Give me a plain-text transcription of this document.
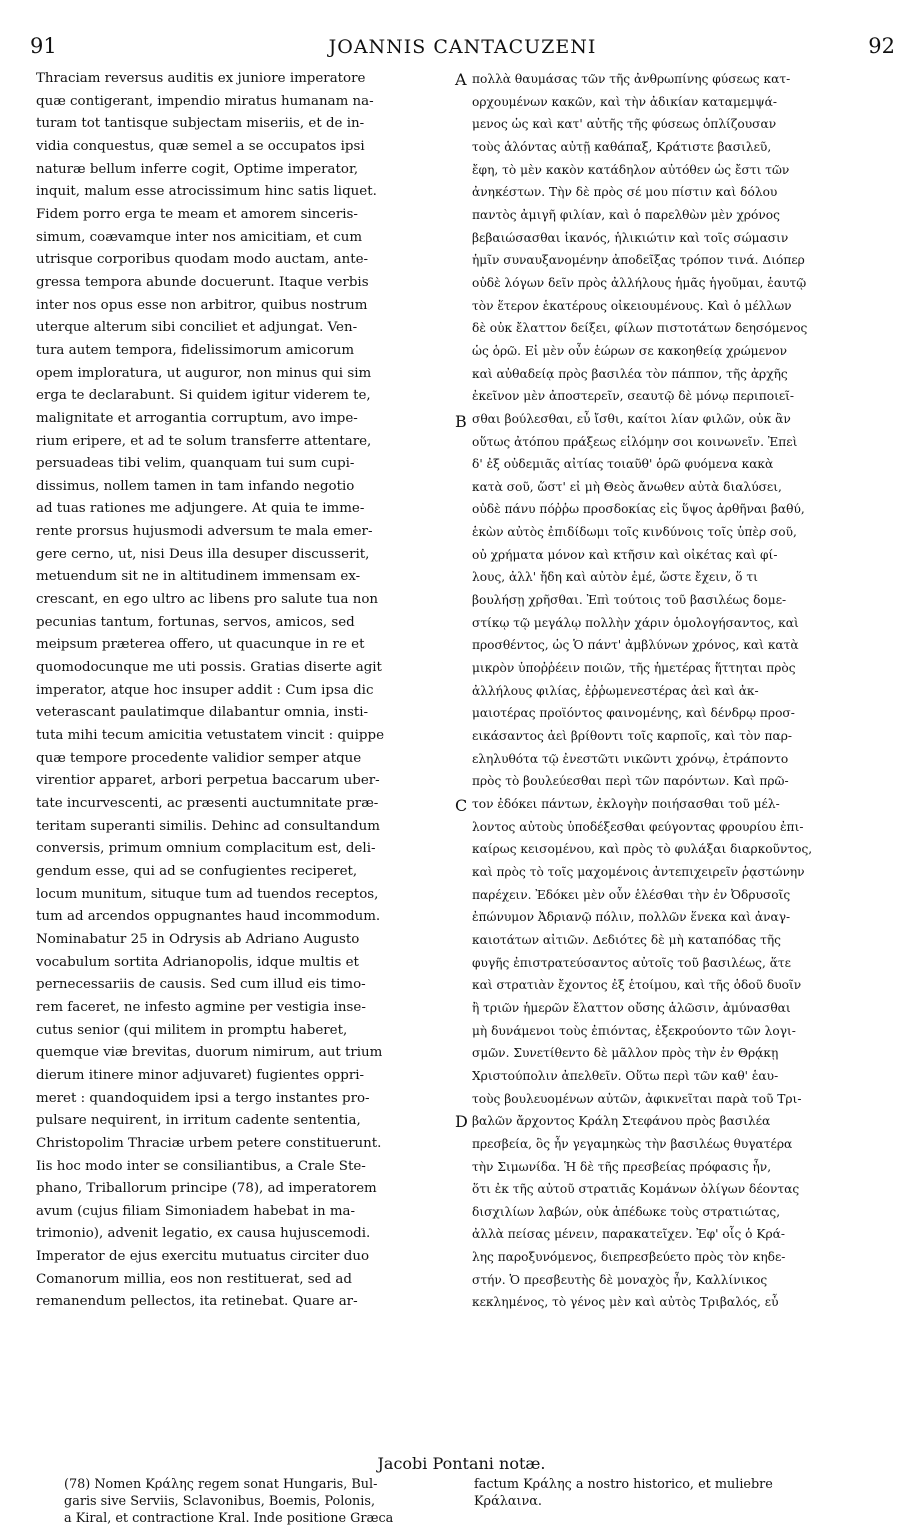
91	JOANNIS CANTACUZENI	92

Thraciam reversus auditis ex juniore imperatore

quæ contigerant, impendio miratus humanam na-

turam tot tantisque subjectam miseriis, et de in-

vidia conquestus, quæ semel a se occupatos ipsi

naturæ bellum inferre cogit, Optime imperator,

inquit, malum esse atrocissimum hinc satis liquet.

Fidem porro erga te meam et amorem sinceris-

simum, coævamque inter nos amicitiam, et cum

utrisque corporibus quodam modo auctam, ante-

gressa tempora abunde docuerunt. Itaque verbis

inter nos opus esse non arbitror, quibus nostrum

uterque alterum sibi conciliet et adjungat. Ven-

tura autem tempora, fidelissimorum amicorum

opem imploratura, ut auguror, non minus qui sim

erga te declarabunt. Si quidem igitur viderem te,

malignitate et arrogantia corruptum, avo impe-

rium eripere, et ad te solum transferre attentare,

persuadeas tibi velim, quanquam tui sum cupi-

dissimus, nollem tamen in tam infando negotio

ad tuas rationes me adjungere. At quia te imme-

rente prorsus hujusmodi adversum te mala emer-

gere cerno, ut, nisi Deus illa desuper discusserit,

metuendum sit ne in altitudinem immensam ex-

crescant, en ego ultro ac libens pro salute tua non

pecunias tantum, fortunas, servos, amicos, sed

meipsum præterea offero, ut quacunque in re et

quomodocunque me uti possis. Gratias diserte agit

imperator, atque hoc insuper addit : Cum ipsa dic

veterascant paulatimque dilabantur omnia, insti-

tuta mihi tecum amicitia vetustatem vincit : quippe

quæ tempore procedente validior semper atque

virentior apparet, arbori perpetua baccarum uber-

tate incurvescenti, ac præsenti auctumnitate præ-

teritam superanti similis. Dehinc ad consultandum

conversis, primum omnium complacitum est, deli-

gendum esse, qui ad se confugientes reciperet,

locum munitum, situque tum ad tuendos receptos,

tum ad arcendos oppugnantes haud incommodum.

Nominabatur 25 in Odrysis ab Adriano Augusto

vocabulum sortita Adrianopolis, idque multis et

pernecessariis de causis. Sed cum illud eis timo-

rem faceret, ne infesto agmine per vestigia inse-

cutus senior (qui militem in promptu haberet,

quemque viæ brevitas, duorum nimirum, aut trium

dierum itinere minor adjuvaret) fugientes oppri-

meret : quandoquidem ipsi a tergo instantes pro-

pulsare nequirent, in irritum cadente sententia,

Christopolim Thraciæ urbem petere constituerunt.

Iis hoc modo inter se consiliantibus, a Crale Ste-

phano, Triballorum principe (78), ad imperatorem

avum (cujus filiam Simoniadem habebat in ma-

trimonio), advenit legatio, ex causa hujuscemodi.

Imperator de ejus exercitu mutuatus circiter duo

Comanorum millia, eos non restituerat, sed ad

remanendum pellectos, ita retinebat. Quare ar-

A
B
C
D

πολλὰ θαυμάσας τῶν τῆς ἀνθρωπίνης φύσεως κατ-

ορχουμένων κακῶν, καὶ τὴν ἀδικίαν καταμεμψά-

μενος ὡς καὶ κατ' αὐτῆς τῆς φύσεως ὁπλίζουσαν

τοὺς ἁλόντας αὐτῇ καθάπαξ, Κράτιστε βασιλεῦ,

ἔφη, τὸ μὲν κακὸν κατάδηλον αὐτόθεν ὡς ἔστι τῶν

ἀνηκέστων. Τὴν δὲ πρὸς σέ μου πίστιν καὶ δόλου

παντὸς ἀμιγῆ φιλίαν, καὶ ὁ παρελθὼν μὲν χρόνος

βεβαιώσασθαι ἱκανός, ἡλικιώτιν καὶ τοῖς σώμασιν

ἡμῖν συναυξανομένην ἀποδεῖξας τρόπον τινά. Διόπερ

οὐδὲ λόγων δεῖν πρὸς ἀλλήλους ἡμᾶς ἡγοῦμαι, ἑαυτῷ

τὸν ἕτερον ἑκατέρους οἰκειουμένους. Καὶ ὁ μέλλων

δὲ οὐκ ἔλαττον δείξει, φίλων πιστοτάτων δεησόμενος

ὡς ὁρῶ. Εἰ μὲν οὖν ἑώρων σε κακοηθείᾳ χρώμενον

καὶ αὐθαδείᾳ πρὸς βασιλέα τὸν πάππον, τῆς ἀρχῆς

ἐκεῖνον μὲν ἀποστερεῖν, σεαυτῷ δὲ μόνῳ περιποιεῖ-

σθαι βούλεσθαι, εὖ ἴσθι, καίτοι λίαν φιλῶν, οὐκ ἂν

οὕτως ἀτόπου πράξεως εἱλόμην σοι κοινωνεῖν. Ἐπεὶ

δ' ἐξ οὐδεμιᾶς αἰτίας τοιαῦθ' ὁρῶ φυόμενα κακὰ

κατὰ σοῦ, ὥστ' εἰ μὴ Θεὸς ἄνωθεν αὐτὰ διαλύσει,

οὐδὲ πάνυ πόῤῥω προσδοκίας εἰς ὕψος ἀρθῆναι βαθύ,

ἑκὼν αὐτὸς ἐπιδίδωμι τοῖς κινδύνοις τοῖς ὑπὲρ σοῦ,

οὐ χρήματα μόνον καὶ κτῆσιν καὶ οἰκέτας καὶ φί-

λους, ἀλλ' ἤδη καὶ αὐτὸν ἐμέ, ὥστε ἔχειν, ὅ τι

βουλήσῃ χρῆσθαι. Ἐπὶ τούτοις τοῦ βασιλέως δομε-

στίκῳ τῷ μεγάλῳ πολλὴν χάριν ὁμολογήσαντος, καὶ

προσθέντος, ὡς Ὁ πάντ' ἀμβλύνων χρόνος, καὶ κατὰ

μικρὸν ὑποῤῥέειν ποιῶν, τῆς ἡμετέρας ἥττηται πρὸς

ἀλλήλους φιλίας, ἐῤῥωμενεστέρας ἀεὶ καὶ ἀκ-

μαιοτέρας προϊόντος φαινομένης, καὶ δένδρῳ προσ-

εικάσαντος ἀεὶ βρίθοντι τοῖς καρποῖς, καὶ τὸν παρ-

εληλυθότα τῷ ἐνεστῶτι νικῶντι χρόνῳ, ἐτράποντο

πρὸς τὸ βουλεύεσθαι περὶ τῶν παρόντων. Καὶ πρῶ-

τον ἐδόκει πάντων, ἐκλογὴν ποιήσασθαι τοῦ μέλ-

λοντος αὐτοὺς ὑποδέξεσθαι φεύγοντας φρουρίου ἐπι-

καίρως κεισομένου, καὶ πρὸς τὸ φυλάξαι διαρκοῦντος,

καὶ πρὸς τὸ τοῖς μαχομένοις ἀντεπιχειρεῖν ῥᾳστώνην

παρέχειν. Ἐδόκει μὲν οὖν ἑλέσθαι τὴν ἐν Ὀδρυσοῖς

ἐπώνυμον Ἀδριανῷ πόλιν, πολλῶν ἕνεκα καὶ ἀναγ-

καιοτάτων αἰτιῶν. Δεδιότες δὲ μὴ καταπόδας τῆς

φυγῆς ἐπιστρατεύσαντος αὐτοῖς τοῦ βασιλέως, ἅτε

καὶ στρατιὰν ἔχοντος ἐξ ἑτοίμου, καὶ τῆς ὁδοῦ δυοῖν

ἢ τριῶν ἡμερῶν ἔλαττον οὔσης ἁλῶσιν, ἀμύνασθαι

μὴ δυνάμενοι τοὺς ἐπιόντας, ἐξεκρούοντο τῶν λογι-

σμῶν. Συνετίθεντο δὲ μᾶλλον πρὸς τὴν ἐν Θρᾴκῃ

Χριστούπολιν ἀπελθεῖν. Οὕτω περὶ τῶν καθ' ἑαυ-

τοὺς βουλευομένων αὐτῶν, ἀφικνεῖται παρὰ τοῦ Τρι-

βαλῶν ἄρχοντος Κράλη Στεφάνου πρὸς βασιλέα

πρεσβεία, ὃς ἦν γεγαμηκὼς τὴν βασιλέως θυγατέρα

τὴν Σιμωνίδα. Ἡ δὲ τῆς πρεσβείας πρόφασις ἦν,

ὅτι ἐκ τῆς αὐτοῦ στρατιᾶς Κομάνων ὀλίγων δέοντας

δισχιλίων λαβών, οὐκ ἀπέδωκε τοὺς στρατιώτας,

ἀλλὰ πείσας μένειν, παρακατεῖχεν. Ἐφ' οἷς ὁ Κρά-

λης παροξυνόμενος, διεπρεσβεύετο πρὸς τὸν κηδε-

στήν. Ὁ πρεσβευτὴς δὲ μοναχὸς ἦν, Καλλίνικος

κεκλημένος, τὸ γένος μὲν καὶ αὐτὸς Τριβαλός, εὖ

Jacobi Pontani notæ.

(78) Nomen Κράλης regem sonat Hungaris, Bul-

garis sive Serviis, Sclavonibus, Boemis, Polonis,

a Kiral, et contractione Kral. Inde positione Græca

factum Κράλης a nostro historico, et muliebre

Κράλαινα.
